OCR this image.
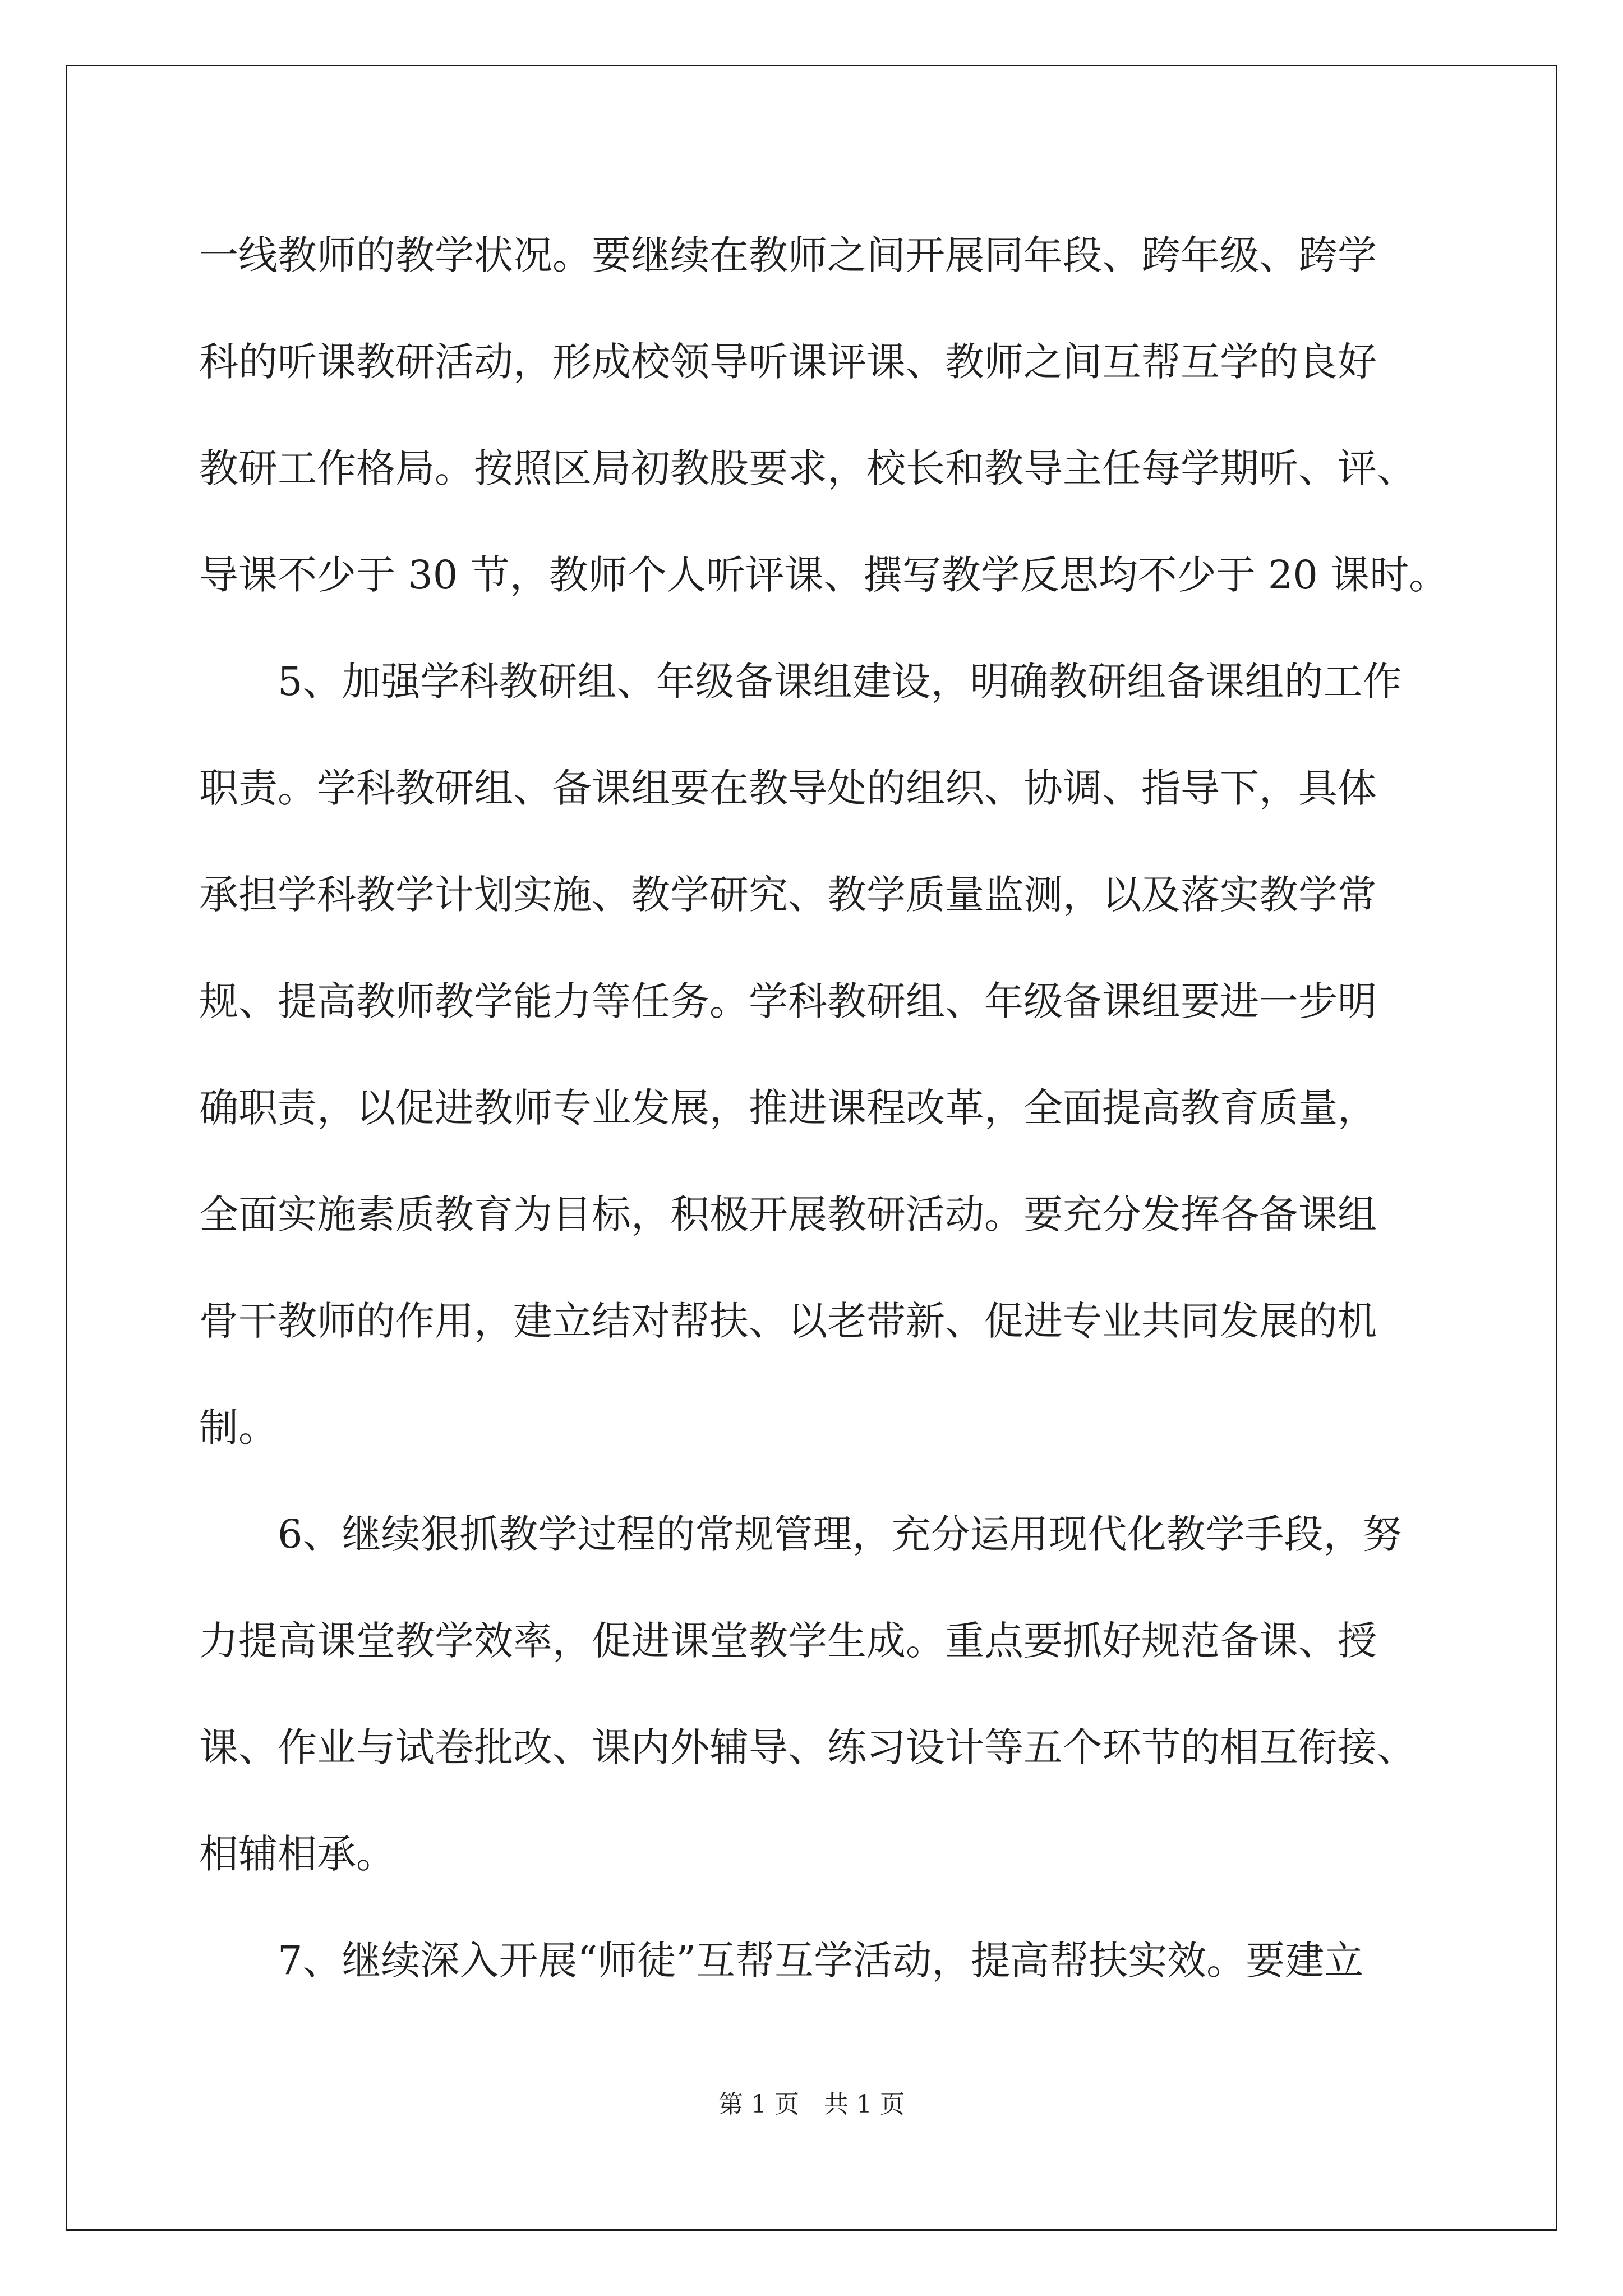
一线教师的教学状况。要继续在教师之间开展同年段、跨年级、跨学
科的听课教研活动，形成校领导听课评课、教师之间互帮互学的良好
教研工作格局。按照区局初教股要求，校长和教导主任每学期听、评、
导课不少于 30 节，教师个人听评课、撰写教学反思均不少于 20 课时。
5、加强学科教研组、年级备课组建设，明确教研组备课组的工作
职责。学科教研组、备课组要在教导处的组织、协调、指导下，具体
承担学科教学计划实施、教学研究、教学质量监测，以及落实教学常
规、提高教师教学能力等任务。学科教研组、年级备课组要进一步明
确职责，以促进教师专业发展，推进课程改革，全面提高教育质量，
全面实施素质教育为目标，积极开展教研活动。要充分发挥各备课组
骨干教师的作用，建立结对帮扶、以老带新、促进专业共同发展的机
制。
6、继续狠抓教学过程的常规管理，充分运用现代化教学手段，努
力提高课堂教学效率，促进课堂教学生成。重点要抓好规范备课、授
课、作业与试卷批改、课内外辅导、练习设计等五个环节的相互衔接、
相辅相承。
7、继续深入开展“师徒”互帮互学活动，提高帮扶实效。要建立
第 1 页　共 1 页
